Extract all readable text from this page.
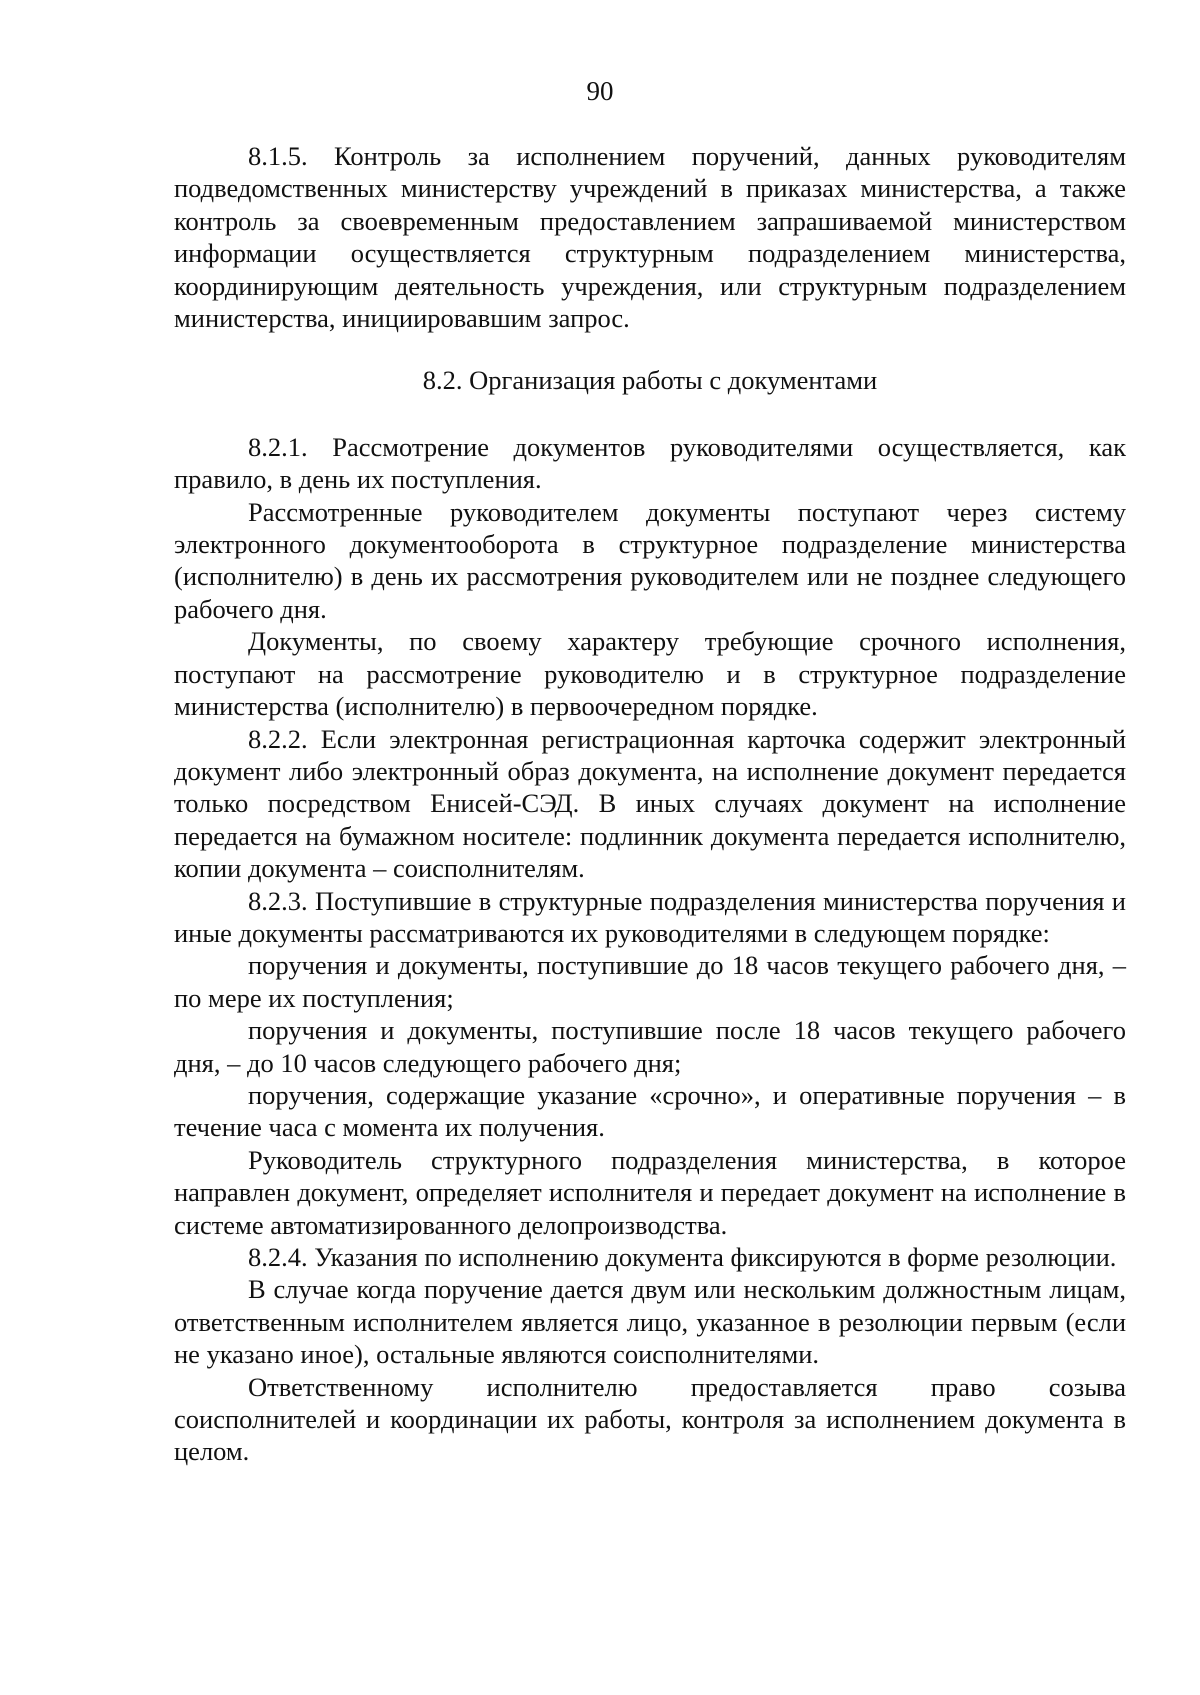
90

8.1.5. Контроль за исполнением поручений, данных руководителям подведомственных министерству учреждений в приказах министерства, а также контроль за своевременным предоставлением запрашиваемой министерством информации осуществляется структурным подразделением министерства, координирующим деятельность учреждения, или структурным подразделением министерства, инициировавшим запрос.

8.2. Организация работы с документами

8.2.1. Рассмотрение документов руководителями осуществляется, как правило, в день их поступления.

Рассмотренные руководителем документы поступают через систему электронного документооборота в структурное подразделение министерства (исполнителю) в день их рассмотрения руководителем или не позднее следующего рабочего дня.

Документы, по своему характеру требующие срочного исполнения, поступают на рассмотрение руководителю и в структурное подразделение министерства (исполнителю) в первоочередном порядке.

8.2.2. Если электронная регистрационная карточка содержит электронный документ либо электронный образ документа, на исполнение документ передается только посредством Енисей-СЭД. В иных случаях документ на исполнение передается на бумажном носителе: подлинник документа передается исполнителю, копии документа – соисполнителям.

8.2.3. Поступившие в структурные подразделения министерства поручения и иные документы рассматриваются их руководителями в следующем порядке:

поручения и документы, поступившие до 18 часов текущего рабочего дня, – по мере их поступления;

поручения и документы, поступившие после 18 часов текущего рабочего дня, – до 10 часов следующего рабочего дня;

поручения, содержащие указание «срочно», и оперативные поручения – в течение часа с момента их получения.

Руководитель структурного подразделения министерства, в которое направлен документ, определяет исполнителя и передает документ на исполнение в системе автоматизированного делопроизводства.

8.2.4. Указания по исполнению документа фиксируются в форме резолюции.

В случае когда поручение дается двум или нескольким должностным лицам, ответственным исполнителем является лицо, указанное в резолюции первым (если не указано иное), остальные являются соисполнителями.

Ответственному исполнителю предоставляется право созыва соисполнителей и координации их работы, контроля за исполнением документа в целом.
